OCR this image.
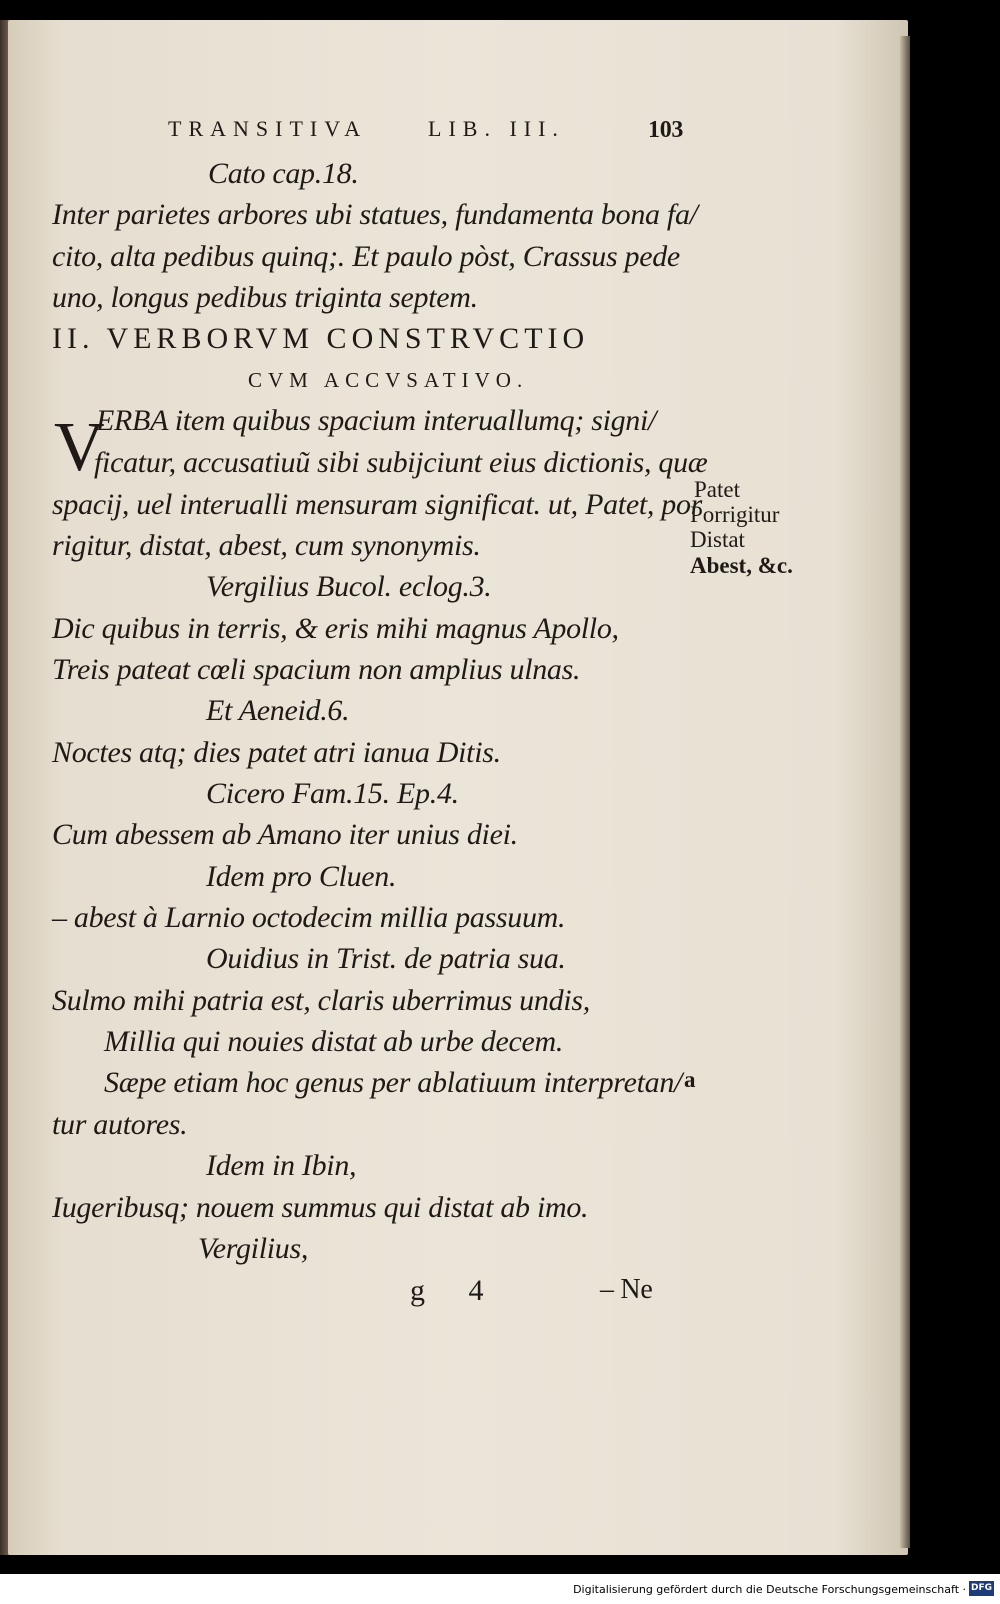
TRANSITIVA	LIB. III.	103
Cato cap.18.
Inter parietes arbores ubi statues, fundamenta bona fa/
cito, alta pedibus quinq;. Et paulo pòst, Crassus pede
uno, longus pedibus triginta septem.
II. VERBORVM CONSTRVCTIO
CVM ACCVSATIVO.
V
ERBA item quibus spacium interuallumq; signi/
ficatur, accusatiuũ sibi subijciunt eius dictionis, quæ
spacij, uel interualli mensuram significat. ut, Patet, por
rigitur, distat, abest, cum synonymis.
Patet
Porrigitur
Distat
Abest, &c.
Vergilius Bucol. eclog.3.
Dic quibus in terris, & eris mihi magnus Apollo,
Treis pateat cœli spacium non amplius ulnas.
Et Aeneid.6.
Noctes atq; dies patet atri ianua Ditis.
Cicero Fam.15. Ep.4.
Cum abessem ab Amano iter unius diei.
Idem pro Cluen.
– abest à Larnio octodecim millia passuum.
Ouidius in Trist. de patria sua.
Sulmo mihi patria est, claris uberrimus undis,
Millia qui nouies distat ab urbe decem.
Sæpe etiam hoc genus per ablatiuum interpretan/ a
tur autores.
Idem in Ibin,
Iugeribusq; nouem summus qui distat ab imo.
Vergilius,
g 4	– Ne
Digitalisierung gefördert durch die Deutsche Forschungsgemeinschaft · DFG
